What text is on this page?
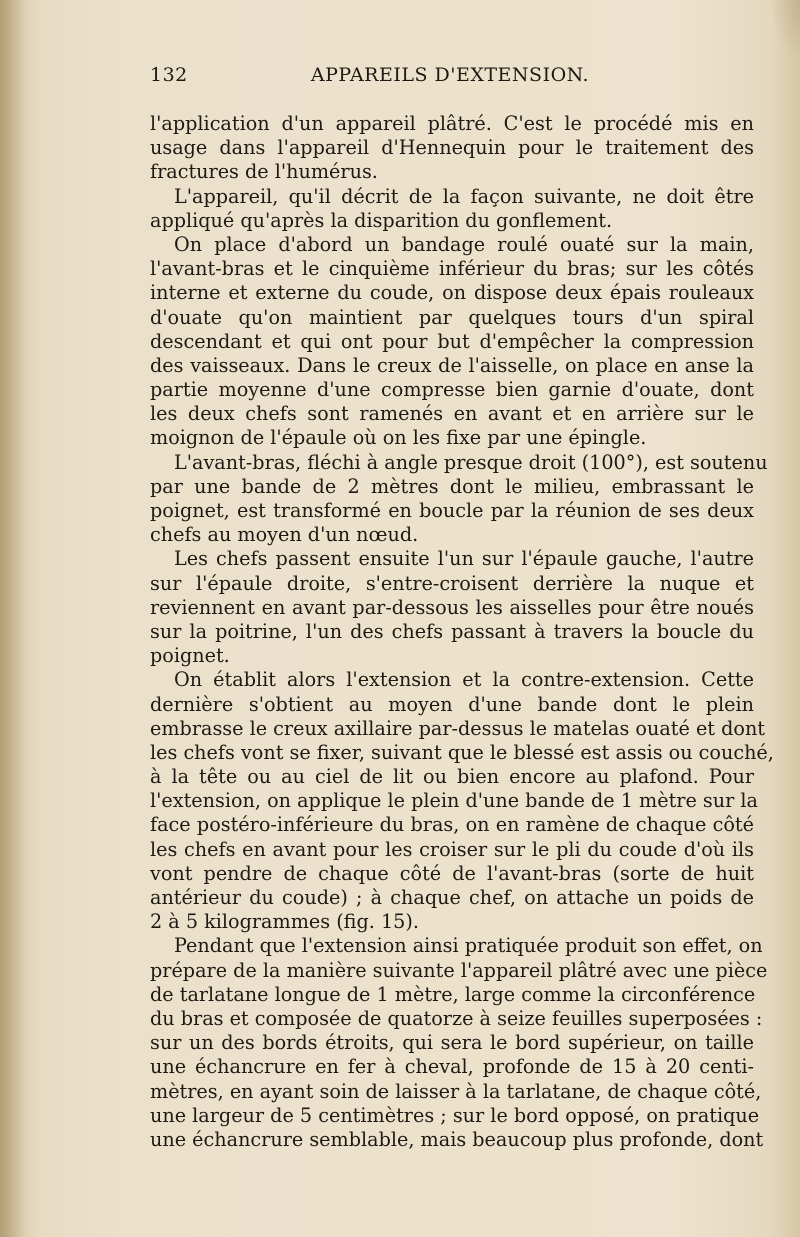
132	APPAREILS D'EXTENSION.
l'application d'un appareil plâtré. C'est le procédé mis en
usage dans l'appareil d'Hennequin pour le traitement des
fractures de l'humérus.
L'appareil, qu'il décrit de la façon suivante, ne doit être
appliqué qu'après la disparition du gonflement.
On place d'abord un bandage roulé ouaté sur la main,
l'avant-bras et le cinquième inférieur du bras; sur les côtés
interne et externe du coude, on dispose deux épais rouleaux
d'ouate qu'on maintient par quelques tours d'un spiral
descendant et qui ont pour but d'empêcher la compression
des vaisseaux. Dans le creux de l'aisselle, on place en anse la
partie moyenne d'une compresse bien garnie d'ouate, dont
les deux chefs sont ramenés en avant et en arrière sur le
moignon de l'épaule où on les fixe par une épingle.
L'avant-bras, fléchi à angle presque droit (100°), est soutenu
par une bande de 2 mètres dont le milieu, embrassant le
poignet, est transformé en boucle par la réunion de ses deux
chefs au moyen d'un nœud.
Les chefs passent ensuite l'un sur l'épaule gauche, l'autre
sur l'épaule droite, s'entre-croisent derrière la nuque et
reviennent en avant par-dessous les aisselles pour être noués
sur la poitrine, l'un des chefs passant à travers la boucle du
poignet.
On établit alors l'extension et la contre-extension. Cette
dernière s'obtient au moyen d'une bande dont le plein
embrasse le creux axillaire par-dessus le matelas ouaté et dont
les chefs vont se fixer, suivant que le blessé est assis ou couché,
à la tête ou au ciel de lit ou bien encore au plafond. Pour
l'extension, on applique le plein d'une bande de 1 mètre sur la
face postéro-inférieure du bras, on en ramène de chaque côté
les chefs en avant pour les croiser sur le pli du coude d'où ils
vont pendre de chaque côté de l'avant-bras (sorte de huit
antérieur du coude) ; à chaque chef, on attache un poids de
2 à 5 kilogrammes (fig. 15).
Pendant que l'extension ainsi pratiquée produit son effet, on
prépare de la manière suivante l'appareil plâtré avec une pièce
de tarlatane longue de 1 mètre, large comme la circonférence
du bras et composée de quatorze à seize feuilles superposées :
sur un des bords étroits, qui sera le bord supérieur, on taille
une échancrure en fer à cheval, profonde de 15 à 20 centi-
mètres, en ayant soin de laisser à la tarlatane, de chaque côté,
une largeur de 5 centimètres ; sur le bord opposé, on pratique
une échancrure semblable, mais beaucoup plus profonde, dont
